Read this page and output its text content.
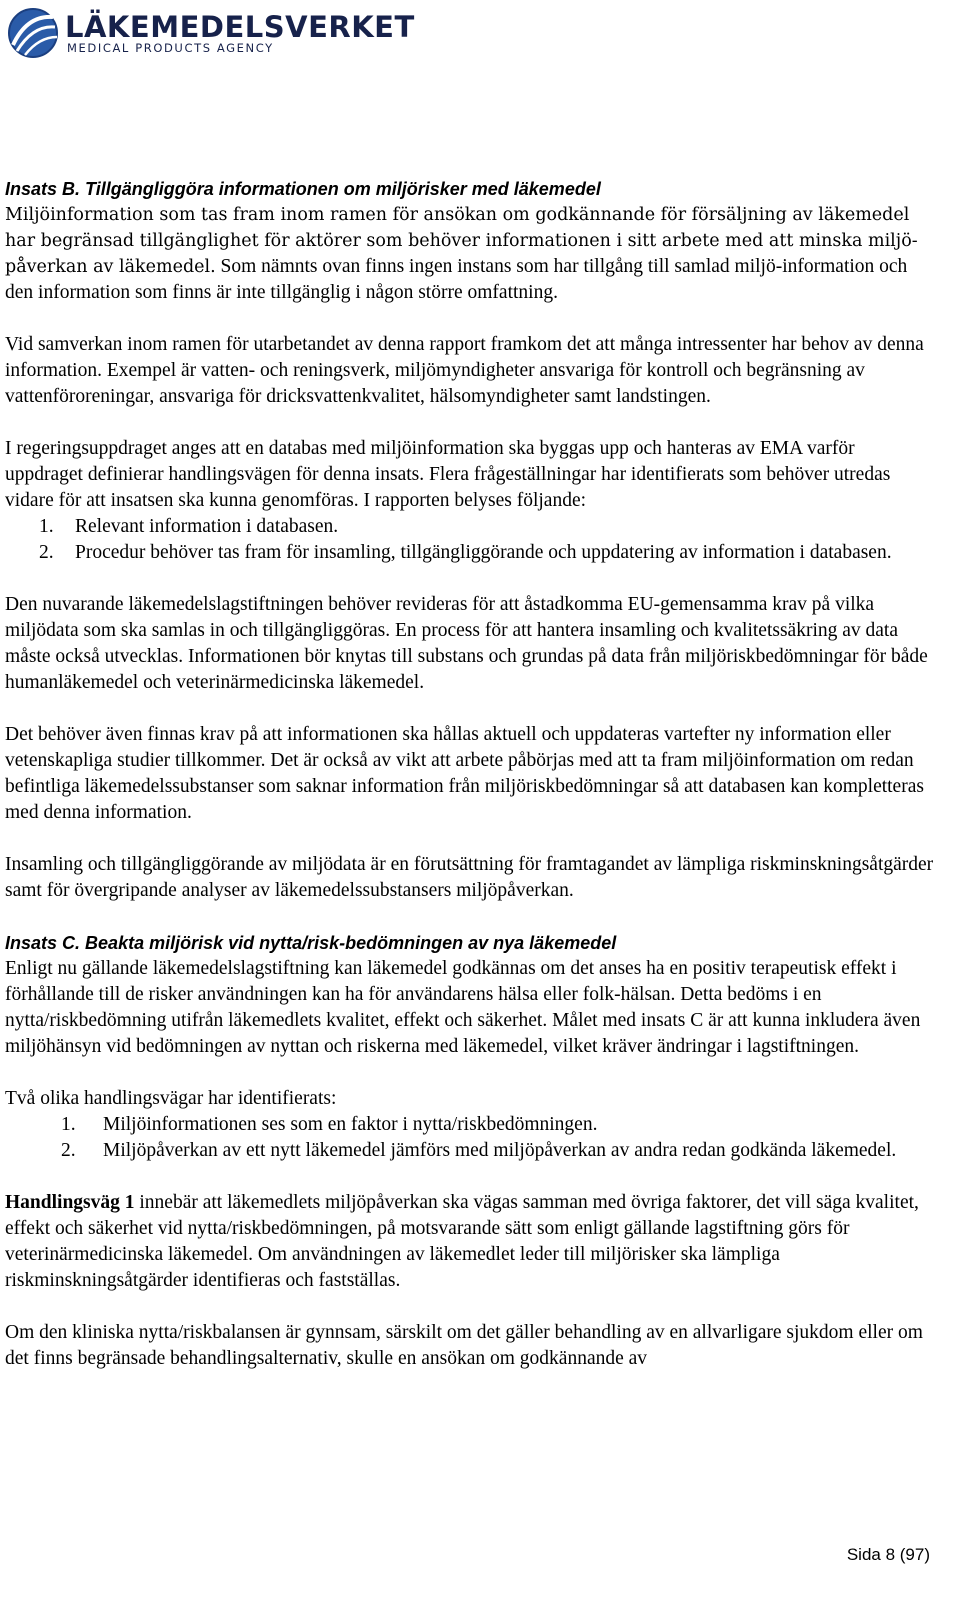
LÄKEMEDELSVERKET
MEDICAL PRODUCTS AGENCY
Insats B. Tillgängliggöra informationen om miljörisker med läkemedel

Miljöinformation som tas fram inom ramen för ansökan om godkännande för försäljning av läkemedel har begränsad tillgänglighet för aktörer som behöver informationen i sitt arbete med att minska miljö-påverkan av läkemedel. Som nämnts ovan finns ingen instans som har tillgång till samlad miljö-information och den information som finns är inte tillgänglig i någon större omfattning.

Vid samverkan inom ramen för utarbetandet av denna rapport framkom det att många intressenter har behov av denna information. Exempel är vatten- och reningsverk, miljömyndigheter ansvariga för kontroll och begränsning av vattenföroreningar, ansvariga för dricksvattenkvalitet, hälsomyndigheter samt landstingen.

I regeringsuppdraget anges att en databas med miljöinformation ska byggas upp och hanteras av EMA varför uppdraget definierar handlingsvägen för denna insats. Flera frågeställningar har identifierats som behöver utredas vidare för att insatsen ska kunna genomföras. I rapporten belyses följande:

1. Relevant information i databasen.
2. Procedur behöver tas fram för insamling, tillgängliggörande och uppdatering av information i databasen.

Den nuvarande läkemedelslagstiftningen behöver revideras för att åstadkomma EU-gemensamma krav på vilka miljödata som ska samlas in och tillgängliggöras. En process för att hantera insamling och kvalitetssäkring av data måste också utvecklas. Informationen bör knytas till substans och grundas på data från miljöriskbedömningar för både humanläkemedel och veterinärmedicinska läkemedel.

Det behöver även finnas krav på att informationen ska hållas aktuell och uppdateras vartefter ny information eller vetenskapliga studier tillkommer. Det är också av vikt att arbete påbörjas med att ta fram miljöinformation om redan befintliga läkemedelssubstanser som saknar information från miljöriskbedömningar så att databasen kan kompletteras med denna information.

Insamling och tillgängliggörande av miljödata är en förutsättning för framtagandet av lämpliga riskminskningsåtgärder samt för övergripande analyser av läkemedelssubstansers miljöpåverkan.

Insats C. Beakta miljörisk vid nytta/risk-bedömningen av nya läkemedel

Enligt nu gällande läkemedelslagstiftning kan läkemedel godkännas om det anses ha en positiv terapeutisk effekt i förhållande till de risker användningen kan ha för användarens hälsa eller folk-hälsan. Detta bedöms i en nytta/riskbedömning utifrån läkemedlets kvalitet, effekt och säkerhet. Målet med insats C är att kunna inkludera även miljöhänsyn vid bedömningen av nyttan och riskerna med läkemedel, vilket kräver ändringar i lagstiftningen.

Två olika handlingsvägar har identifierats:

1. Miljöinformationen ses som en faktor i nytta/riskbedömningen.
2. Miljöpåverkan av ett nytt läkemedel jämförs med miljöpåverkan av andra redan godkända läkemedel.

Handlingsväg 1 innebär att läkemedlets miljöpåverkan ska vägas samman med övriga faktorer, det vill säga kvalitet, effekt och säkerhet vid nytta/riskbedömningen, på motsvarande sätt som enligt gällande lagstiftning görs för veterinärmedicinska läkemedel. Om användningen av läkemedlet leder till miljörisker ska lämpliga riskminskningsåtgärder identifieras och fastställas.

Om den kliniska nytta/riskbalansen är gynnsam, särskilt om det gäller behandling av en allvarligare sjukdom eller om det finns begränsade behandlingsalternativ, skulle en ansökan om godkännande av

Sida 8 (97)
